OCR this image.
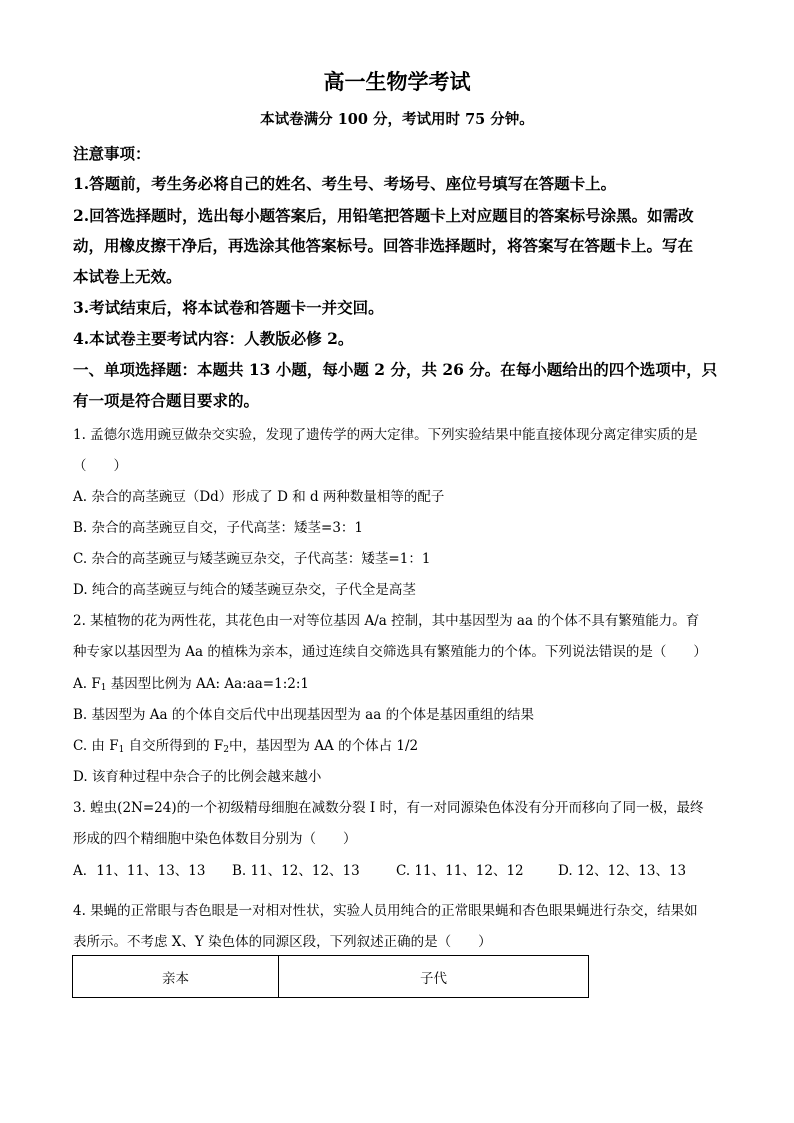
高一生物学考试
本试卷满分 100 分，考试用时 75 分钟。
注意事项：
1.答题前，考生务必将自己的姓名、考生号、考场号、座位号填写在答题卡上。
2.回答选择题时，选出每小题答案后，用铅笔把答题卡上对应题目的答案标号涂黑。如需改
动，用橡皮擦干净后，再选涂其他答案标号。回答非选择题时，将答案写在答题卡上。写在
本试卷上无效。
3.考试结束后，将本试卷和答题卡一并交回。
4.本试卷主要考试内容：人教版必修 2。
一、单项选择题：本题共 13 小题，每小题 2 分，共 26 分。在每小题给出的四个选项中，只
有一项是符合题目要求的。
1. 孟德尔选用豌豆做杂交实验，发现了遗传学的两大定律。下列实验结果中能直接体现分离定律实质的是
（　　）
A. 杂合的高茎豌豆（Dd）形成了 D 和 d 两种数量相等的配子
B. 杂合的高茎豌豆自交，子代高茎：矮茎=3：1
C. 杂合的高茎豌豆与矮茎豌豆杂交，子代高茎：矮茎=1：1
D. 纯合的高茎豌豆与纯合的矮茎豌豆杂交，子代全是高茎
2. 某植物的花为两性花，其花色由一对等位基因 A/a 控制，其中基因型为 aa 的个体不具有繁殖能力。育
种专家以基因型为 Aa 的植株为亲本，通过连续自交筛选具有繁殖能力的个体。下列说法错误的是（　　）
A. $F_1$ 基因型比例为 AA: Aa:aa=1:2:1
B. 基因型为 Aa 的个体自交后代中出现基因型为 aa 的个体是基因重组的结果
C. 由 $F_1$ 自交所得到的 $F_2$中，基因型为 AA 的个体占 1/2
D. 该育种过程中杂合子的比例会越来越小
3. 蝗虫(2N=24)的一个初级精母细胞在减数分裂 I 时，有一对同源染色体没有分开而移向了同一极，最终
形成的四个精细胞中染色体数目分别为（　　）
A．11、11、13、13 B. 11、12、12、13	C. 11、11、12、12	D. 12、12、13、13
4. 果蝇的正常眼与杏色眼是一对相对性状，实验人员用纯合的正常眼果蝇和杏色眼果蝇进行杂交，结果如
表所示。不考虑 X、Y 染色体的同源区段，下列叙述正确的是（　　）
亲本	子代
